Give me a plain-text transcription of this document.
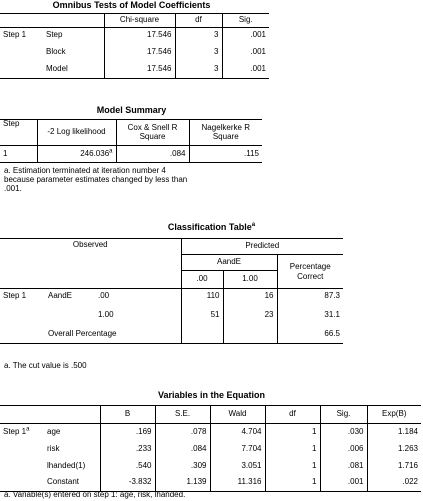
Omnibus Tests of Model Coefficients
		Chi-square	df	Sig.
Step 1	Step	17.546	3	.001
	Block	17.546	3	.001
	Model	17.546	3	.001
Model Summary
Step	-2 Log likelihood	Cox & Snell R Square	Nagelkerke R Square
1	246.036$^a$	.084	.115
a. Estimation terminated at iteration number 4
because parameter estimates changed by less than
.001.
Classification Table$^a$
Observed			Predicted		
			AandE		Percentage Correct
			.00	1.00	
Step 1	AandE	.00	110	16	87.3
		1.00	51	23	31.1
	Overall Percentage				66.5
a. The cut value is .500
Variables in the Equation
		B	S.E.	Wald	df	Sig.	Exp(B)
Step 1$^a$	age	.169	.078	4.704	1	.030	1.184
	risk	.233	.084	7.704	1	.006	1.263
	lhanded(1)	.540	.309	3.051	1	.081	1.716
	Constant	-3.832	1.139	11.316	1	.001	.022
a. Variable(s) entered on step 1: age, risk, lhanded.
